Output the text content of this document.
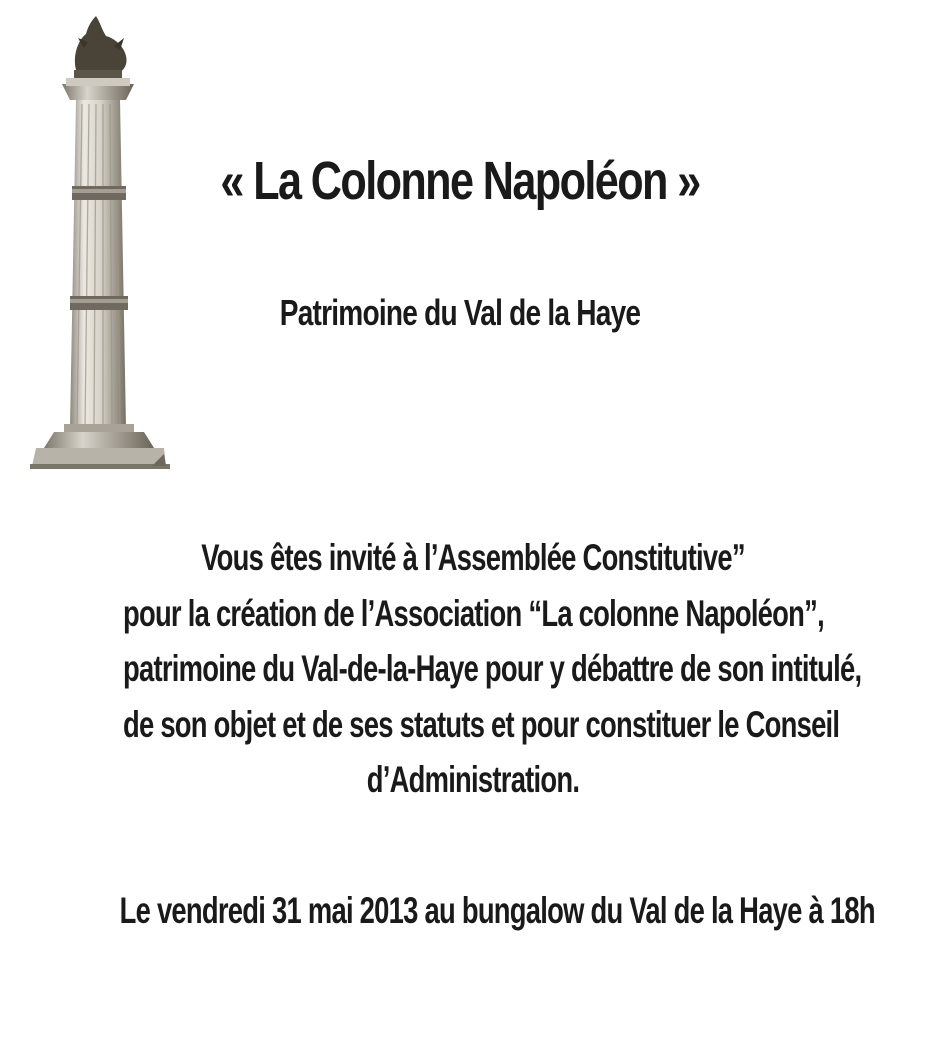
« La Colonne Napoléon »
Patrimoine du Val de la Haye
Vous êtes invité à l’Assemblée Constitutive”
pour la création de l’Association “La colonne Napoléon”,
patrimoine du Val-de-la-Haye pour y débattre de son intitulé,
de son objet et de ses statuts et pour constituer le Conseil
d’Administration.
Le vendredi 31 mai 2013 au bungalow du Val de la Haye à 18h
